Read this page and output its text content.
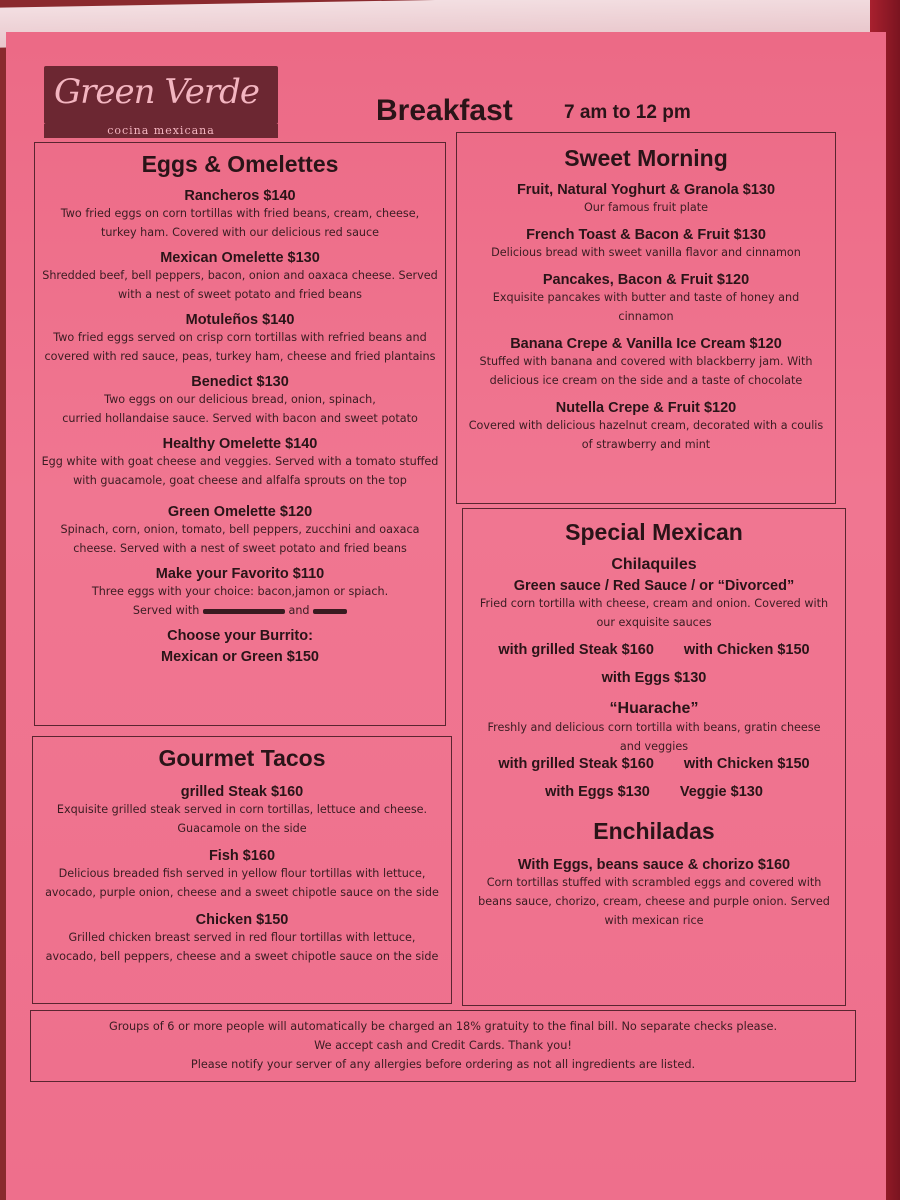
Green Verde
cocina mexicana
Breakfast	7 am to 12 pm
Eggs & Omelettes
Rancheros $140
Two fried eggs on corn tortillas with fried beans, cream, cheese,
turkey ham. Covered with our delicious red sauce
Mexican Omelette $130
Shredded beef, bell peppers, bacon, onion and oaxaca cheese. Served
with a nest of sweet potato and fried beans
Motuleños $140
Two fried eggs served on crisp corn tortillas with refried beans and
covered with red sauce, peas, turkey ham, cheese and fried plantains
Benedict $130
Two eggs on our delicious bread, onion, spinach,
curried hollandaise sauce. Served with bacon and sweet potato
Healthy Omelette $140
Egg white with goat cheese and veggies. Served with a tomato stuffed
with guacamole, goat cheese and alfalfa sprouts on the top
Green Omelette $120
Spinach, corn, onion, tomato, bell peppers, zucchini and oaxaca
cheese. Served with a nest of sweet potato and fried beans
Make your Favorito $110
Three eggs with your choice: bacon,jamon or spiach.
Served with	and
Choose your Burrito:
Mexican or Green $150
Gourmet Tacos
grilled Steak $160
Exquisite grilled steak served in corn tortillas, lettuce and cheese.
Guacamole on the side
Fish $160
Delicious breaded fish served in yellow flour tortillas with lettuce,
avocado, purple onion, cheese and a sweet chipotle sauce on the side
Chicken $150
Grilled chicken breast served in red flour tortillas with lettuce,
avocado, bell peppers, cheese and a sweet chipotle sauce on the side
Sweet Morning
Fruit, Natural Yoghurt & Granola $130
Our famous fruit plate
French Toast & Bacon & Fruit $130
Delicious bread with sweet vanilla flavor and cinnamon
Pancakes, Bacon & Fruit $120
Exquisite pancakes with butter and taste of honey and
cinnamon
Banana Crepe & Vanilla Ice Cream $120
Stuffed with banana and covered with blackberry jam. With
delicious ice cream on the side and a taste of chocolate
Nutella Crepe & Fruit $120
Covered with delicious hazelnut cream, decorated with a coulis
of strawberry and mint
Special Mexican
Chilaquiles
Green sauce / Red Sauce / or “Divorced”
Fried corn tortilla with cheese, cream and onion. Covered with
our exquisite sauces
with grilled Steak $160 with Chicken $150
with Eggs $130
“Huarache”
Freshly and delicious corn tortilla with beans, gratin cheese
and veggies
with grilled Steak $160 with Chicken $150
with Eggs $130 Veggie $130
Enchiladas
With Eggs, beans sauce & chorizo $160
Corn tortillas stuffed with scrambled eggs and covered with
beans sauce, chorizo, cream, cheese and purple onion. Served
with mexican rice
Groups of 6 or more people will automatically be charged an 18% gratuity to the final bill. No separate checks please.
We accept cash and Credit Cards. Thank you!
Please notify your server of any allergies before ordering as not all ingredients are listed.
